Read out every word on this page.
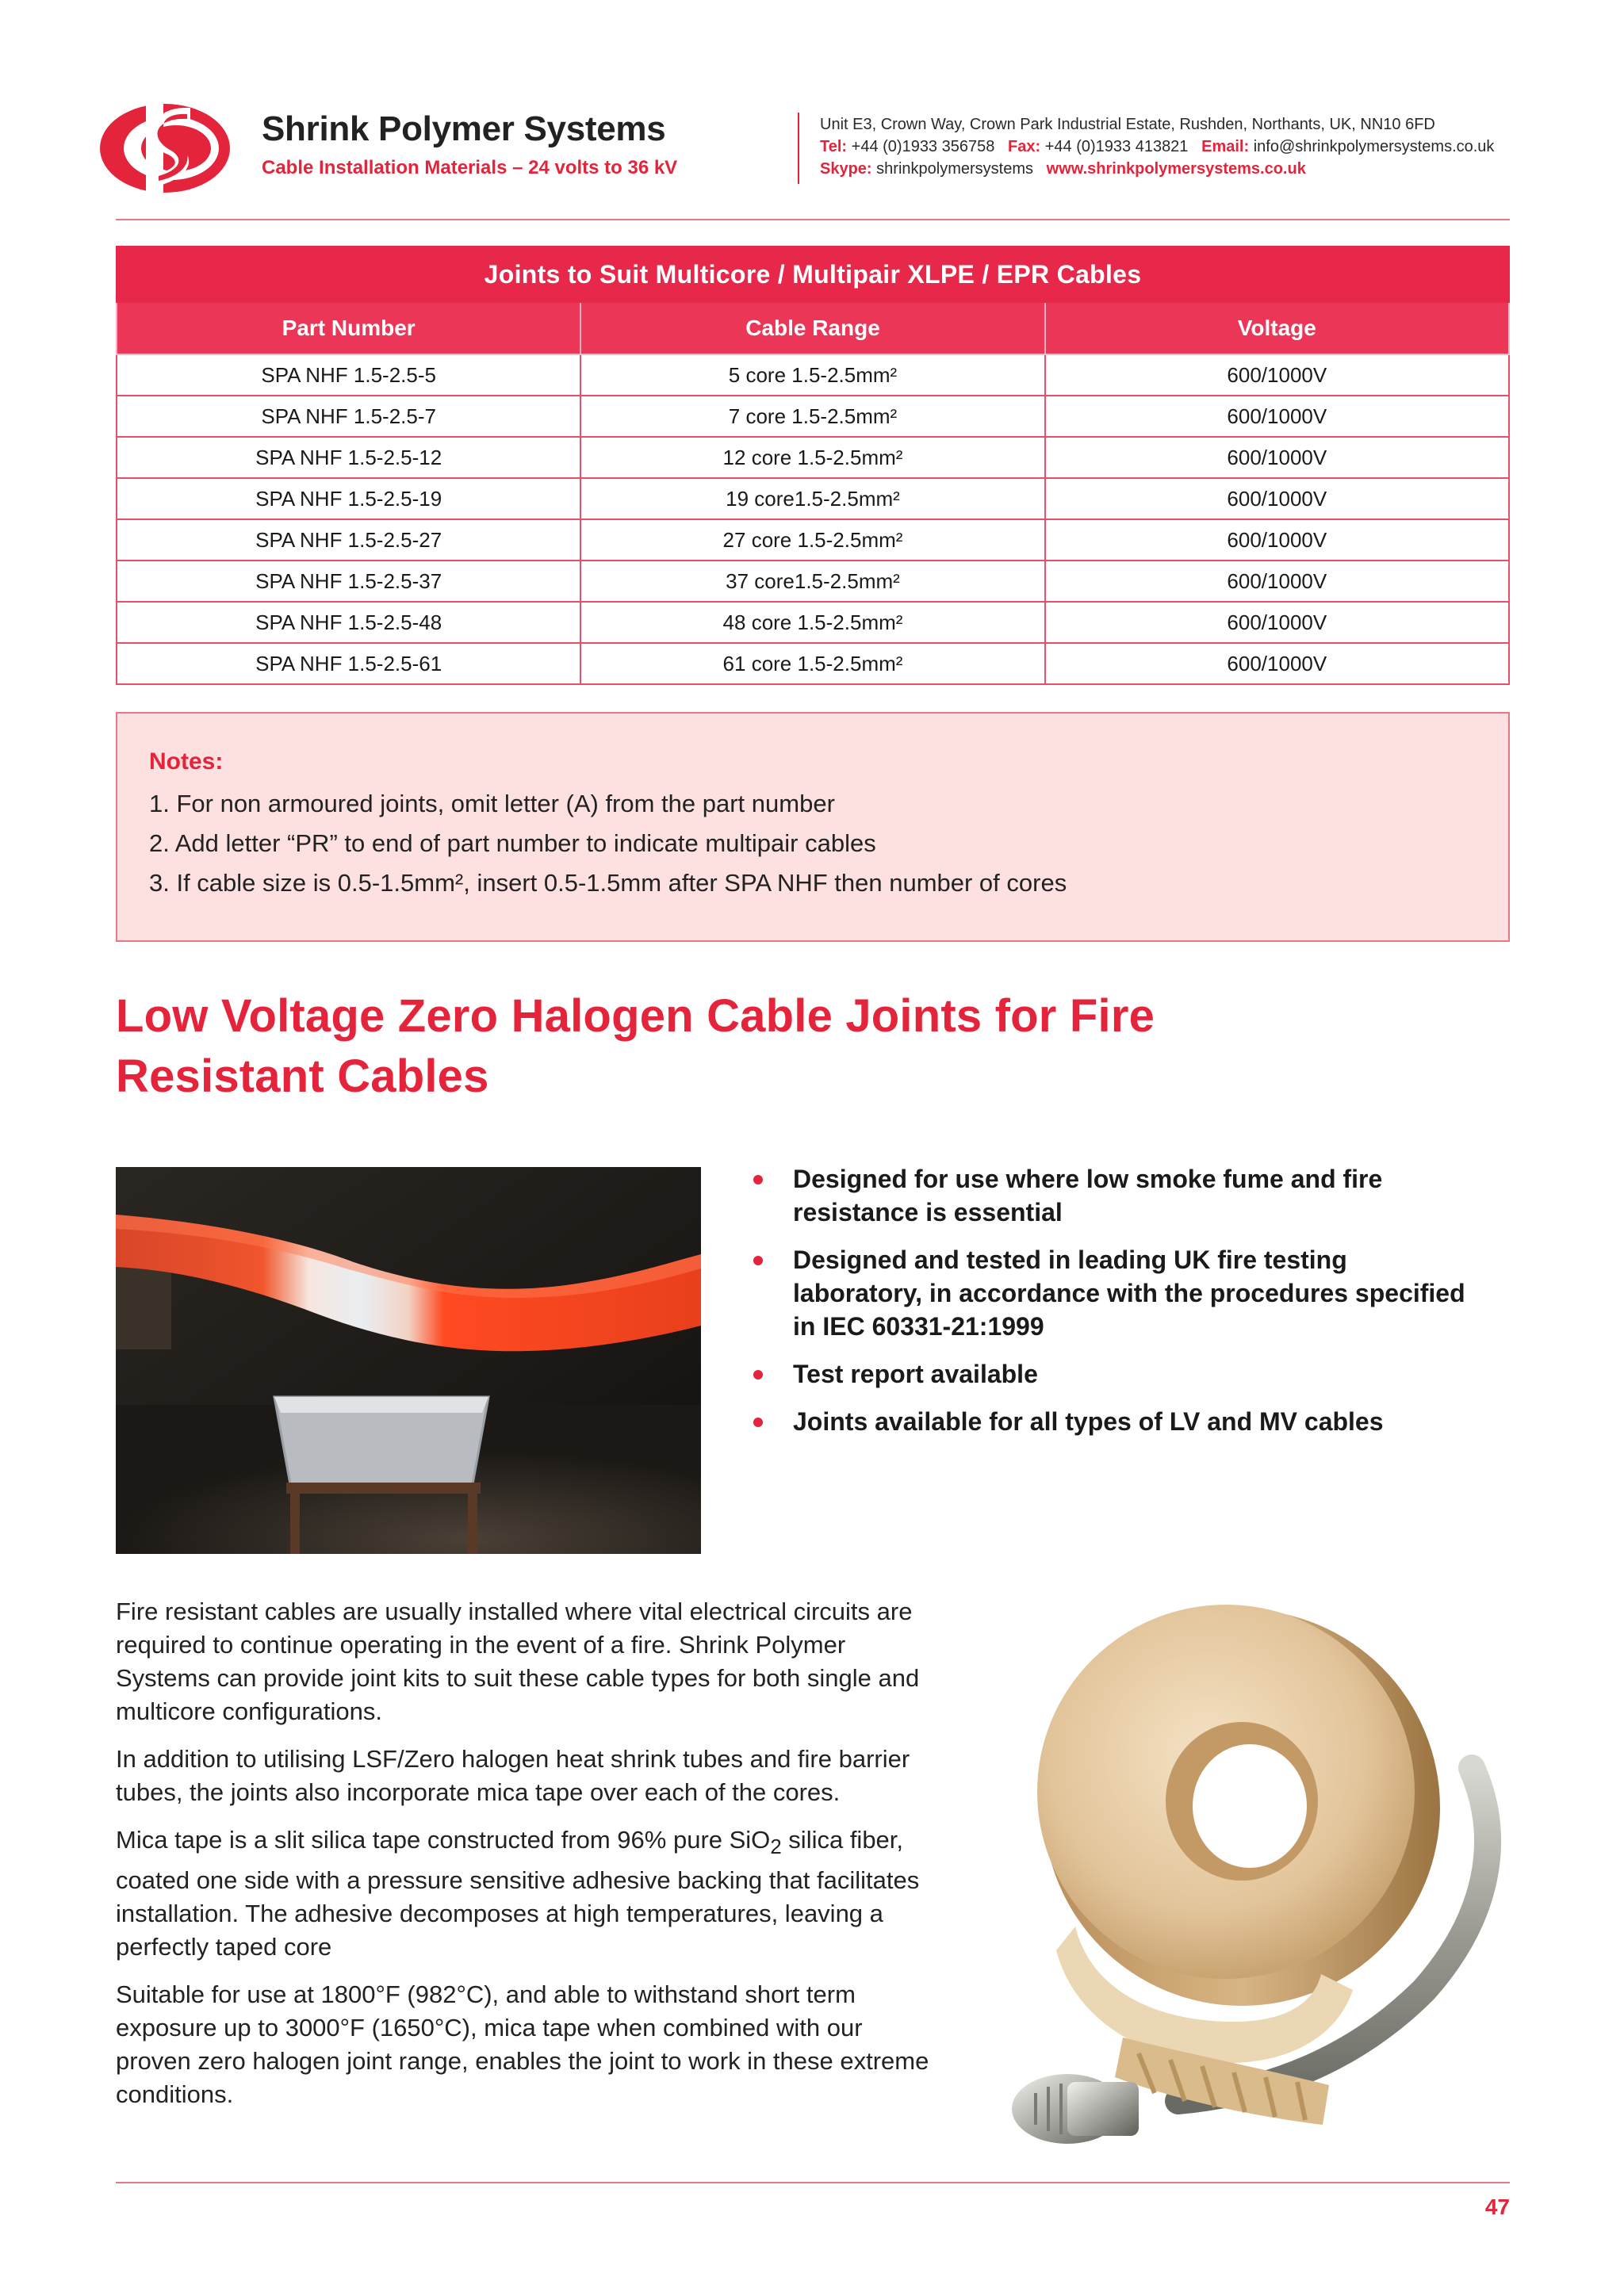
Shrink Polymer Systems
Cable Installation Materials – 24 volts to 36 kV
Unit E3, Crown Way, Crown Park Industrial Estate, Rushden, Northants, UK, NN10 6FD
Tel: +44 (0)1933 356758 Fax: +44 (0)1933 413821 Email: info@shrinkpolymersystems.co.uk
Skype: shrinkpolymersystems www.shrinkpolymersystems.co.uk
Joints to Suit Multicore / Multipair XLPE / EPR Cables		
Part Number	Cable Range	Voltage
SPA NHF 1.5-2.5-5	5 core 1.5-2.5mm²	600/1000V
SPA NHF 1.5-2.5-7	7 core 1.5-2.5mm²	600/1000V
SPA NHF 1.5-2.5-12	12 core 1.5-2.5mm²	600/1000V
SPA NHF 1.5-2.5-19	19 core1.5-2.5mm²	600/1000V
SPA NHF 1.5-2.5-27	27 core 1.5-2.5mm²	600/1000V
SPA NHF 1.5-2.5-37	37 core1.5-2.5mm²	600/1000V
SPA NHF 1.5-2.5-48	48 core 1.5-2.5mm²	600/1000V
SPA NHF 1.5-2.5-61	61 core 1.5-2.5mm²	600/1000V
Notes:
1. For non armoured joints, omit letter (A) from the part number
2. Add letter “PR” to end of part number to indicate multipair cables
3. If cable size is 0.5-1.5mm², insert 0.5-1.5mm after SPA NHF then number of cores
Low Voltage Zero Halogen Cable Joints for Fire
Resistant Cables
Designed for use where low smoke fume and fire resistance is essential
Designed and tested in leading UK fire testing laboratory, in accordance with the procedures specified in IEC 60331-21:1999
Test report available
Joints available for all types of LV and MV cables

Fire resistant cables are usually installed where vital electrical circuits are required to continue operating in the event of a fire. Shrink Polymer Systems can provide joint kits to suit these cable types for both single and multicore configurations.

In addition to utilising LSF/Zero halogen heat shrink tubes and fire barrier tubes, the joints also incorporate mica tape over each of the cores.

Mica tape is a slit silica tape constructed from 96% pure SiO$_2$ silica fiber, coated one side with a pressure sensitive adhesive backing that facilitates installation. The adhesive decomposes at high temperatures, leaving a perfectly taped core

Suitable for use at 1800°F (982°C), and able to withstand short term exposure up to 3000°F (1650°C), mica tape when combined with our proven zero halogen joint range, enables the joint to work in these extreme conditions.

47
